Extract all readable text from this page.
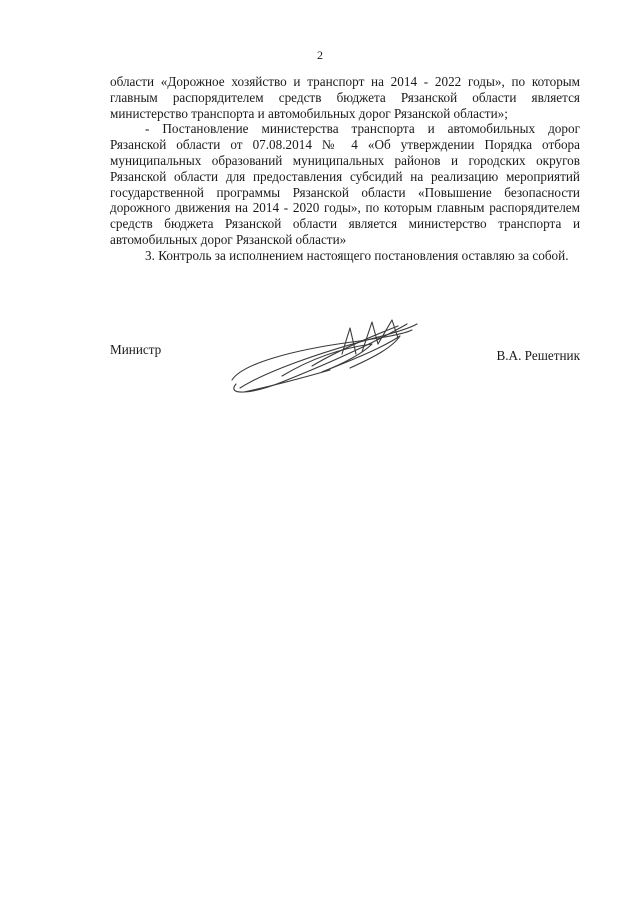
2

области «Дорожное хозяйство и транспорт на 2014 - 2022 годы», по которым главным распорядителем средств бюджета Рязанской области является министерство транспорта и автомобильных дорог Рязанской области»;

- Постановление министерства транспорта и автомобильных дорог Рязанской области от 07.08.2014 № 4 «Об утверждении Порядка отбора муниципальных образований муниципальных районов и городских округов Рязанской области для предоставления субсидий на реализацию мероприятий государственной программы Рязанской области «Повышение безопасности дорожного движения на 2014 - 2020 годы», по которым главным распорядителем средств бюджета Рязанской области является министерство транспорта и автомобильных дорог Рязанской области»

3. Контроль за исполнением настоящего постановления оставляю за собой.

Министр	В.А. Решетник
